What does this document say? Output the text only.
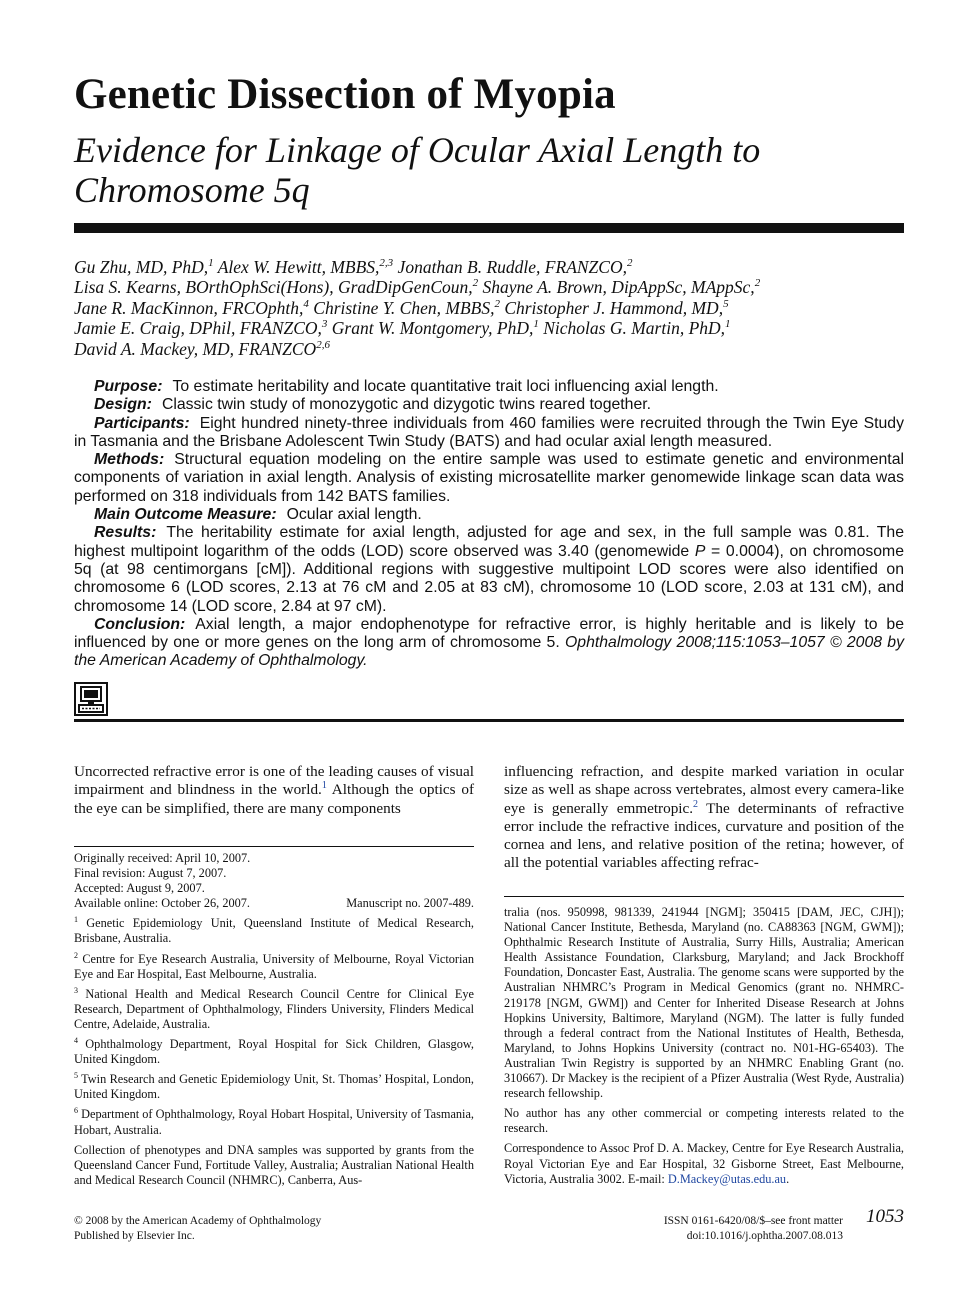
Genetic Dissection of Myopia
Evidence for Linkage of Ocular Axial Length to Chromosome 5q
Gu Zhu, MD, PhD,$^1$ Alex W. Hewitt, MBBS,$^{2,3}$ Jonathan B. Ruddle, FRANZCO,$^2$
Lisa S. Kearns, BOrthOphSci(Hons), GradDipGenCoun,$^2$ Shayne A. Brown, DipAppSc, MAppSc,$^2$
Jane R. MacKinnon, FRCOphth,$^4$ Christine Y. Chen, MBBS,$^2$ Christopher J. Hammond, MD,$^5$
Jamie E. Craig, DPhil, FRANZCO,$^3$ Grant W. Montgomery, PhD,$^1$ Nicholas G. Martin, PhD,$^1$
David A. Mackey, MD, FRANZCO$^{2,6}$

Purpose: To estimate heritability and locate quantitative trait loci influencing axial length.

Design: Classic twin study of monozygotic and dizygotic twins reared together.

Participants: Eight hundred ninety-three individuals from 460 families were recruited through the Twin Eye Study in Tasmania and the Brisbane Adolescent Twin Study (BATS) and had ocular axial length measured.

Methods: Structural equation modeling on the entire sample was used to estimate genetic and environmental components of variation in axial length. Analysis of existing microsatellite marker genomewide linkage scan data was performed on 318 individuals from 142 BATS families.

Main Outcome Measure: Ocular axial length.

Results: The heritability estimate for axial length, adjusted for age and sex, in the full sample was 0.81. The highest multipoint logarithm of the odds (LOD) score observed was 3.40 (genomewide P = 0.0004), on chromosome 5q (at 98 centimorgans [cM]). Additional regions with suggestive multipoint LOD scores were also identified on chromosome 6 (LOD scores, 2.13 at 76 cM and 2.05 at 83 cM), chromosome 10 (LOD score, 2.03 at 131 cM), and chromosome 14 (LOD score, 2.84 at 97 cM).

Conclusion: Axial length, a major endophenotype for refractive error, is highly heritable and is likely to be influenced by one or more genes on the long arm of chromosome 5. Ophthalmology 2008;115:1053–1057 © 2008 by the American Academy of Ophthalmology.

Uncorrected refractive error is one of the leading causes of visual impairment and blindness in the world.$^1$ Although the optics of the eye can be simplified, there are many components
influencing refraction, and despite marked variation in ocular size as well as shape across vertebrates, almost every camera-like eye is generally emmetropic.$^2$ The determinants of refractive error include the refractive indices, curvature and position of the cornea and lens, and relative position of the retina; however, of all the potential variables affecting refrac-
Originally received: April 10, 2007.
Final revision: August 7, 2007.
Accepted: August 9, 2007.
Available online: October 26, 2007.	Manuscript no. 2007-489.

$^1$ Genetic Epidemiology Unit, Queensland Institute of Medical Research, Brisbane, Australia.

$^2$ Centre for Eye Research Australia, University of Melbourne, Royal Victorian Eye and Ear Hospital, East Melbourne, Australia.

$^3$ National Health and Medical Research Council Centre for Clinical Eye Research, Department of Ophthalmology, Flinders University, Flinders Medical Centre, Adelaide, Australia.

$^4$ Ophthalmology Department, Royal Hospital for Sick Children, Glasgow, United Kingdom.

$^5$ Twin Research and Genetic Epidemiology Unit, St. Thomas’ Hospital, London, United Kingdom.

$^6$ Department of Ophthalmology, Royal Hobart Hospital, University of Tasmania, Hobart, Australia.

Collection of phenotypes and DNA samples was supported by grants from the Queensland Cancer Fund, Fortitude Valley, Australia; Australian National Health and Medical Research Council (NHMRC), Canberra, Aus-

tralia (nos. 950998, 981339, 241944 [NGM]; 350415 [DAM, JEC, CJH]); National Cancer Institute, Bethesda, Maryland (no. CA88363 [NGM, GWM]); Ophthalmic Research Institute of Australia, Surry Hills, Australia; American Health Assistance Foundation, Clarksburg, Maryland; and Jack Brockhoff Foundation, Doncaster East, Australia. The genome scans were supported by the Australian NHMRC’s Program in Medical Genomics (grant no. NHMRC-219178 [NGM, GWM]) and Center for Inherited Disease Research at Johns Hopkins University, Baltimore, Maryland (NGM). The latter is fully funded through a federal contract from the National Institutes of Health, Bethesda, Maryland, to Johns Hopkins University (contract no. N01-HG-65403). The Australian Twin Registry is supported by an NHMRC Enabling Grant (no. 310667). Dr Mackey is the recipient of a Pfizer Australia (West Ryde, Australia) research fellowship.

No author has any other commercial or competing interests related to the research.

Correspondence to Assoc Prof D. A. Mackey, Centre for Eye Research Australia, Royal Victorian Eye and Ear Hospital, 32 Gisborne Street, East Melbourne, Victoria, Australia 3002. E-mail: D.Mackey@utas.edu.au.

© 2008 by the American Academy of Ophthalmology
Published by Elsevier Inc.
ISSN 0161-6420/08/$–see front matter
doi:10.1016/j.ophtha.2007.08.013
1053
